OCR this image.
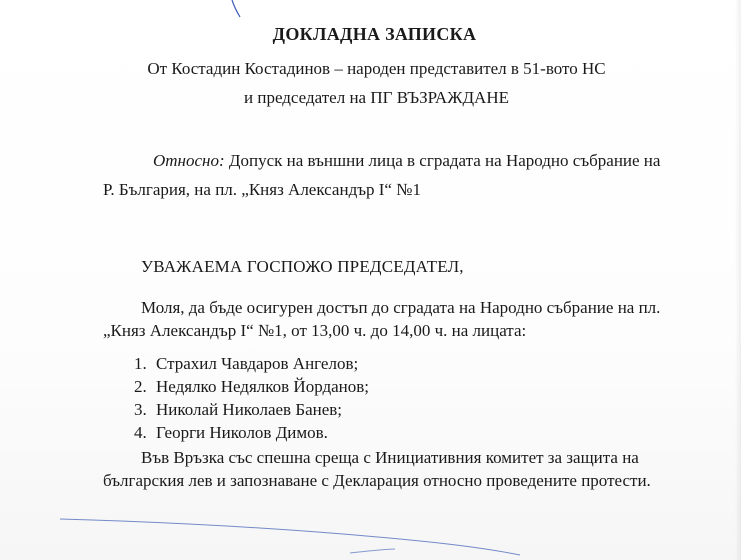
ДОКЛАДНА ЗАПИСКА
От Костадин Костадинов – народен представител в 51-вото НС
и председател на ПГ ВЪЗРАЖДАНЕ
Относно: Допуск на външни лица в сградата на Народно събрание на
Р. България, на пл. „Княз Александър I“ №1
УВАЖАЕМА ГОСПОЖО ПРЕДСЕДАТЕЛ,
Моля, да бъде осигурен достъп до сградата на Народно събрание на пл.
„Княз Александър I“ №1, от 13,00 ч. до 14,00 ч. на лицата:
1. Страхил Чавдаров Ангелов;
2. Недялко Недялков Йорданов;
3. Николай Николаев Банев;
4. Георги Николов Димов.
Във Връзка със спешна среща с Инициативния комитет за защита на
българския лев и запознаване с Декларация относно проведените протести.
